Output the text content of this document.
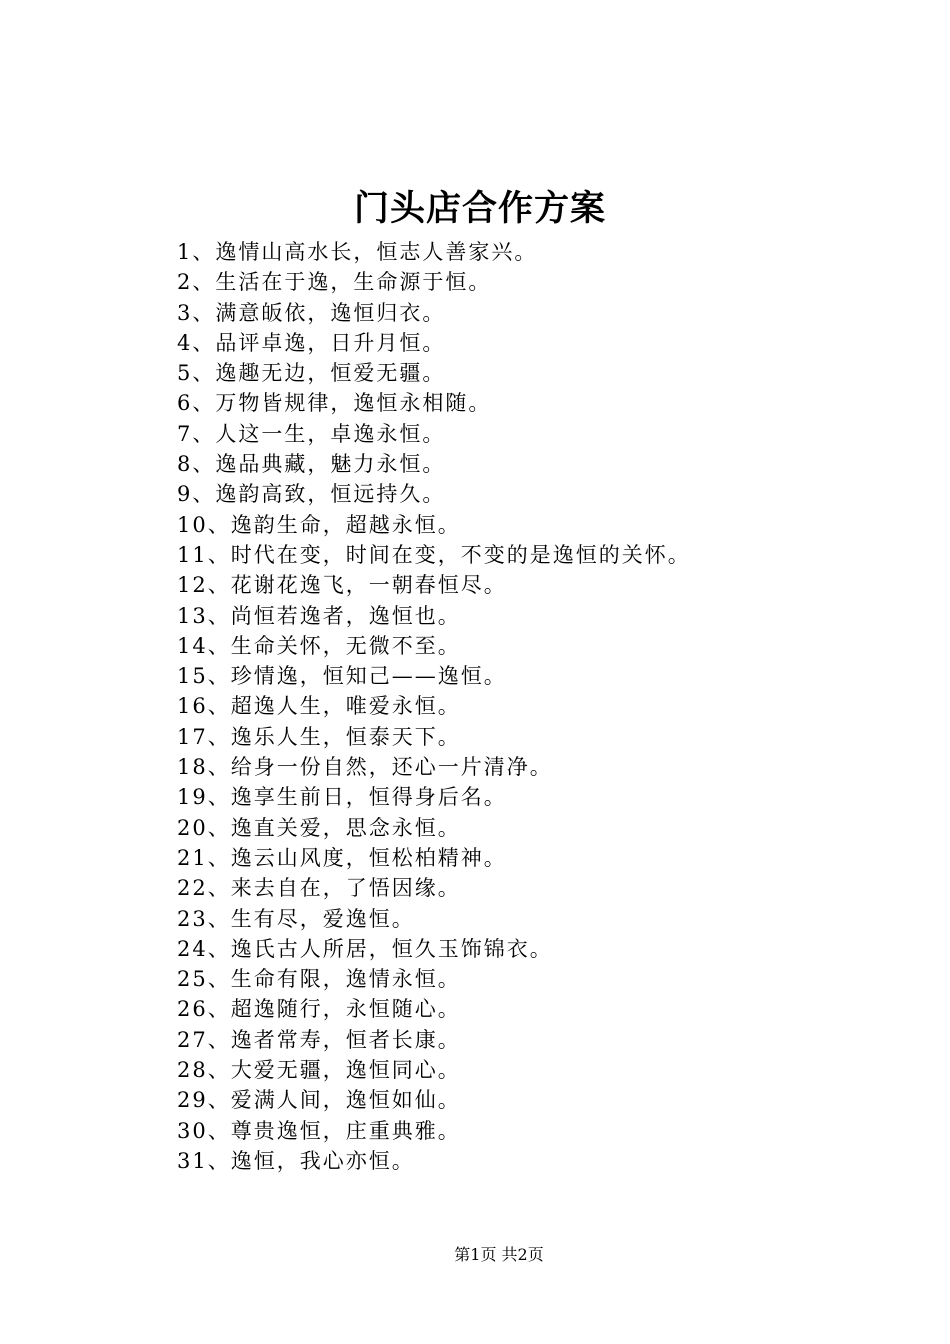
门头店合作方案
1、逸情山高水长，恒志人善家兴。
2、生活在于逸，生命源于恒。
3、满意皈依，逸恒归衣。
4、品评卓逸，日升月恒。
5、逸趣无边，恒爱无疆。
6、万物皆规律，逸恒永相随。
7、人这一生，卓逸永恒。
8、逸品典藏，魅力永恒。
9、逸韵高致，恒远持久。
10、逸韵生命，超越永恒。
11、时代在变，时间在变，不变的是逸恒的关怀。
12、花谢花逸飞，一朝春恒尽。
13、尚恒若逸者，逸恒也。
14、生命关怀，无微不至。
15、珍情逸，恒知己——逸恒。
16、超逸人生，唯爱永恒。
17、逸乐人生，恒泰天下。
18、给身一份自然，还心一片清净。
19、逸享生前日，恒得身后名。
20、逸直关爱，思念永恒。
21、逸云山风度，恒松柏精神。
22、来去自在，了悟因缘。
23、生有尽，爱逸恒。
24、逸氏古人所居，恒久玉饰锦衣。
25、生命有限，逸情永恒。
26、超逸随行，永恒随心。
27、逸者常寿，恒者长康。
28、大爱无疆，逸恒同心。
29、爱满人间，逸恒如仙。
30、尊贵逸恒，庄重典雅。
31、逸恒，我心亦恒。
第1页 共2页
